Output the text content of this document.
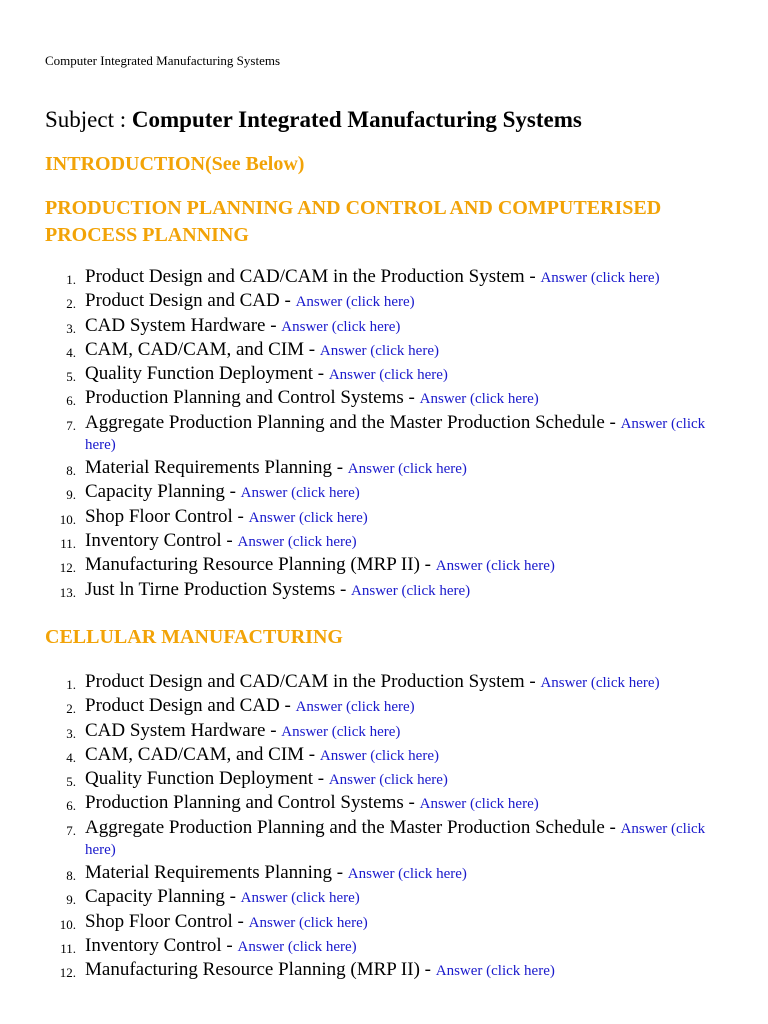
Computer Integrated Manufacturing Systems
Subject : Computer Integrated Manufacturing Systems
INTRODUCTION(See Below)
PRODUCTION PLANNING AND CONTROL AND COMPUTERISED PROCESS PLANNING
1. Product Design and CAD/CAM in the Production System - Answer (click here)
2. Product Design and CAD - Answer (click here)
3. CAD System Hardware - Answer (click here)
4. CAM, CAD/CAM, and CIM - Answer (click here)
5. Quality Function Deployment - Answer (click here)
6. Production Planning and Control Systems - Answer (click here)
7. Aggregate Production Planning and the Master Production Schedule - Answer (click here)
8. Material Requirements Planning - Answer (click here)
9. Capacity Planning - Answer (click here)
10. Shop Floor Control - Answer (click here)
11. Inventory Control - Answer (click here)
12. Manufacturing Resource Planning (MRP II) - Answer (click here)
13. Just ln Tirne Production Systems - Answer (click here)
CELLULAR MANUFACTURING
1. Product Design and CAD/CAM in the Production System - Answer (click here)
2. Product Design and CAD - Answer (click here)
3. CAD System Hardware - Answer (click here)
4. CAM, CAD/CAM, and CIM - Answer (click here)
5. Quality Function Deployment - Answer (click here)
6. Production Planning and Control Systems - Answer (click here)
7. Aggregate Production Planning and the Master Production Schedule - Answer (click here)
8. Material Requirements Planning - Answer (click here)
9. Capacity Planning - Answer (click here)
10. Shop Floor Control - Answer (click here)
11. Inventory Control - Answer (click here)
12. Manufacturing Resource Planning (MRP II) - Answer (click here)
